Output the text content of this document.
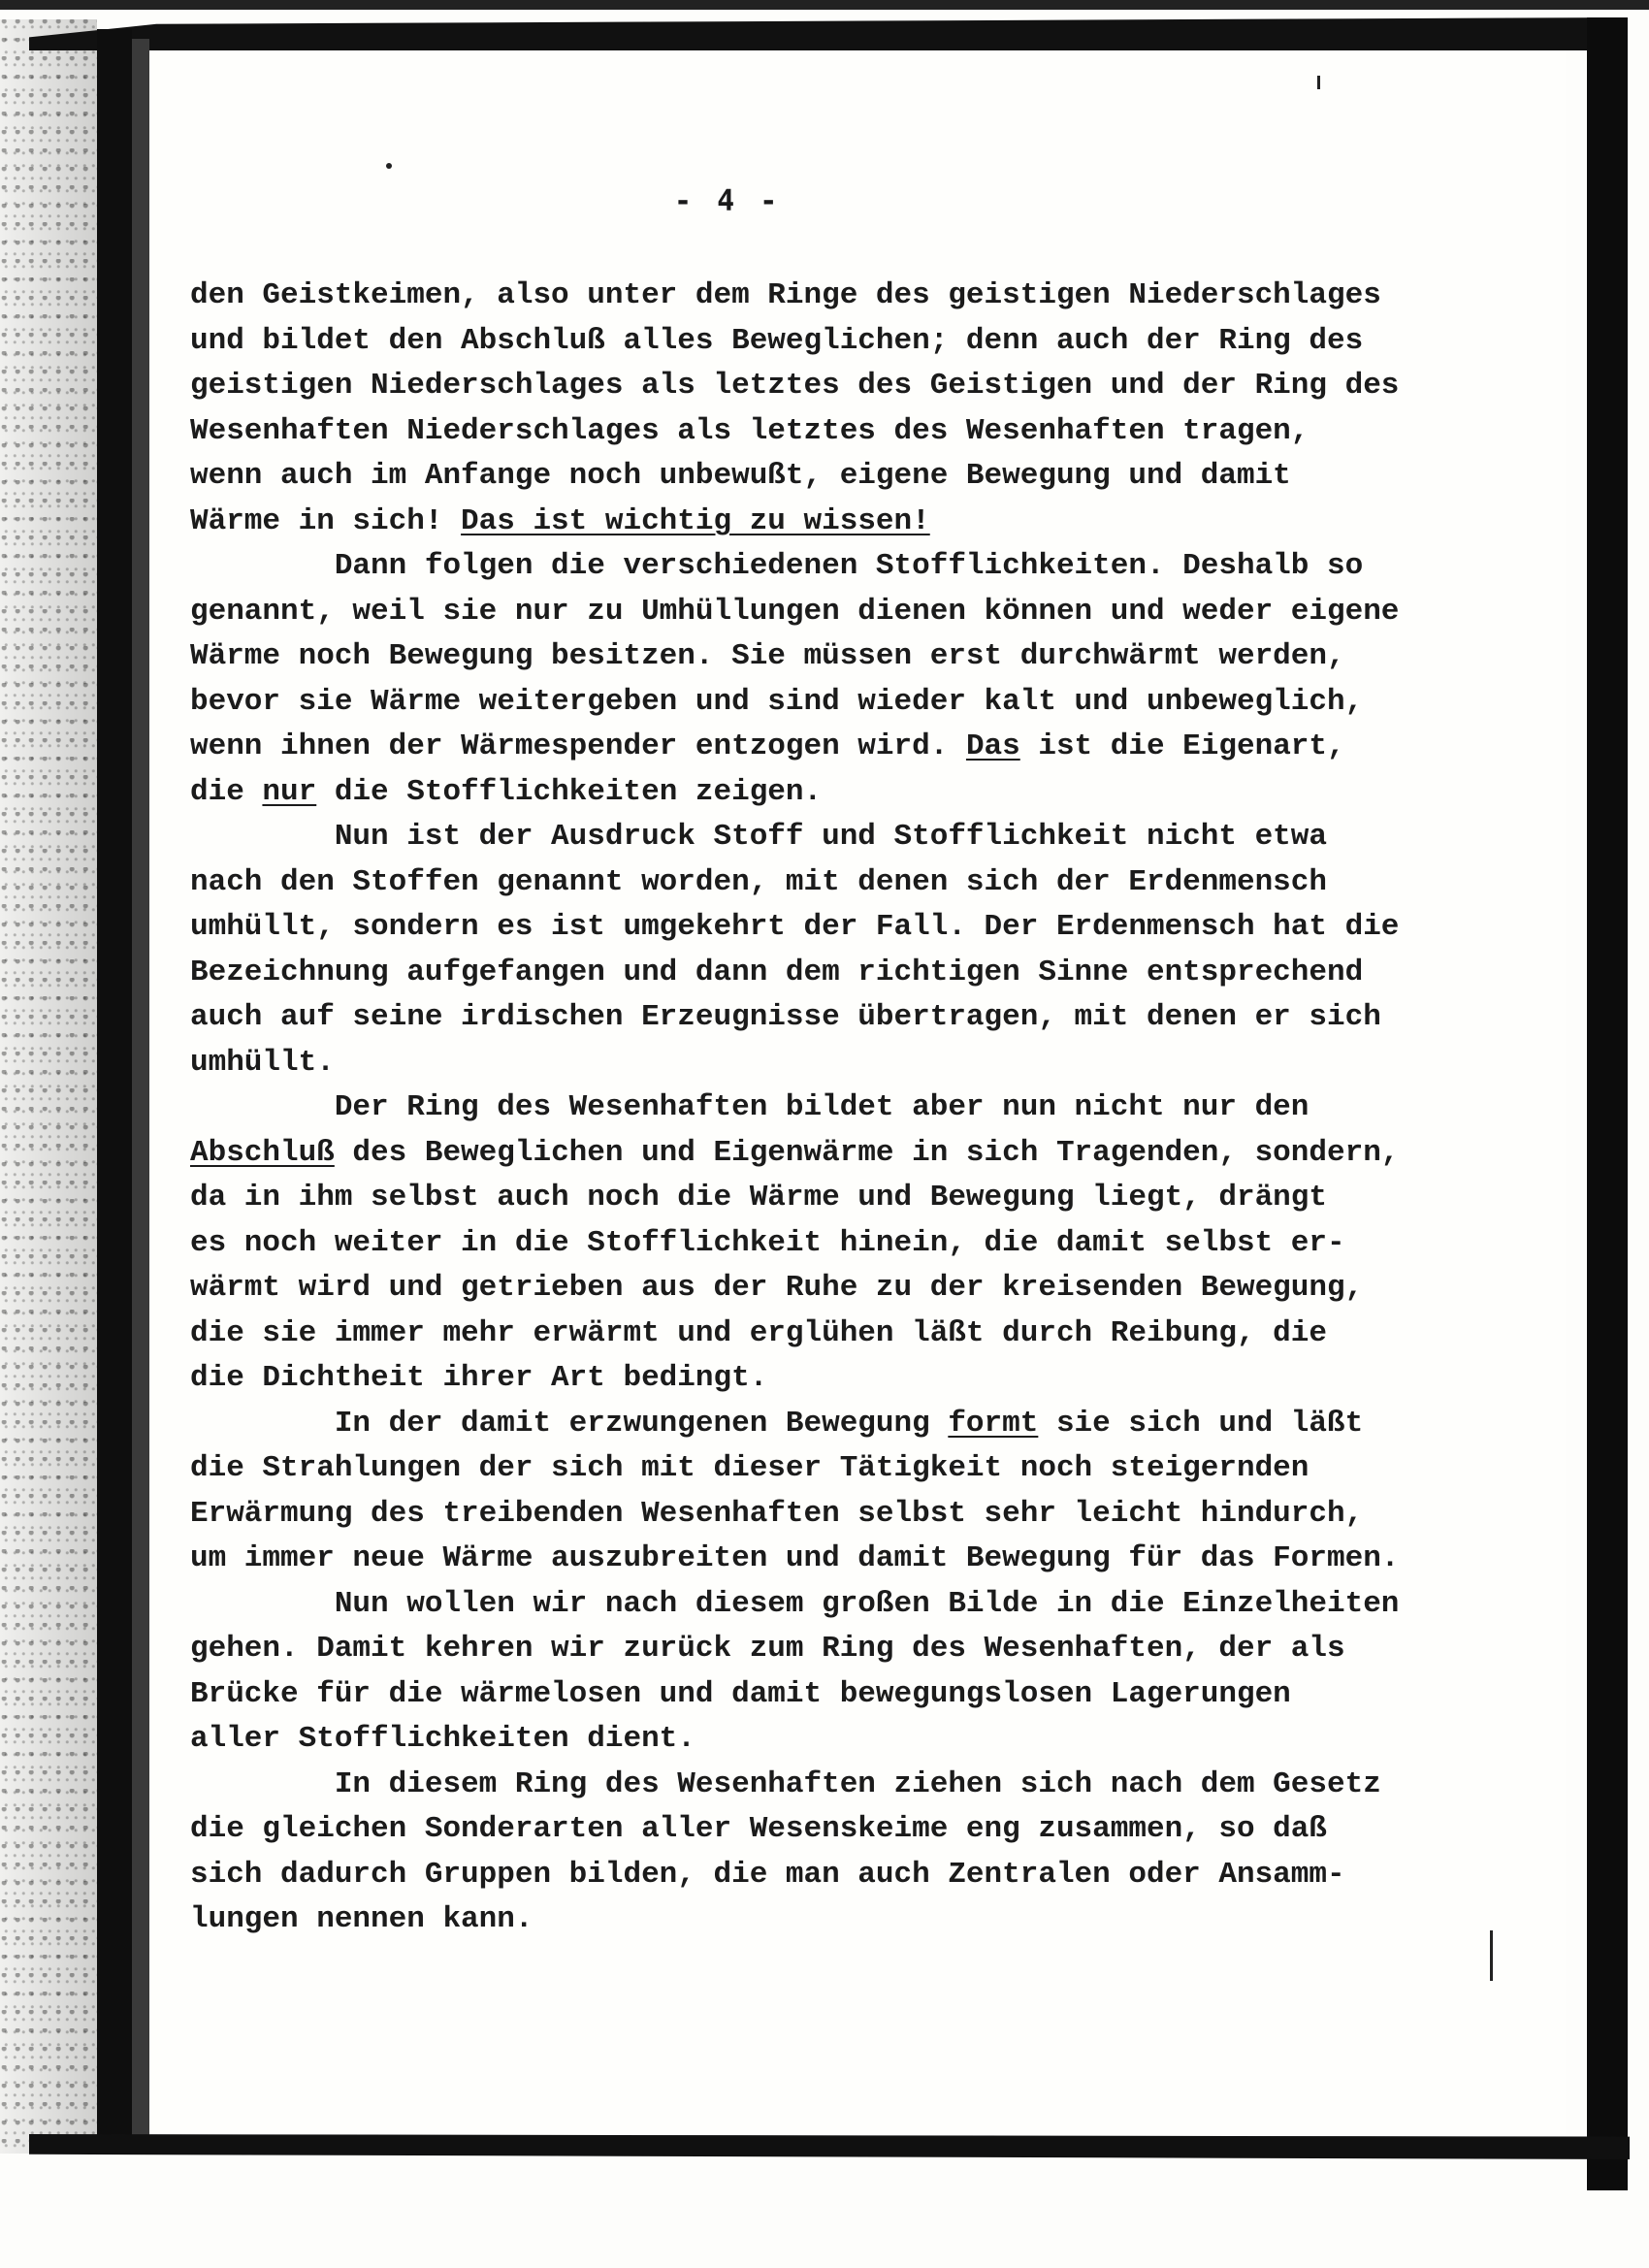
- 4 -
den Geistkeimen, also unter dem Ringe des geistigen Niederschlages
und bildet den Abschluß alles Beweglichen; denn auch der Ring des
geistigen Niederschlages als letztes des Geistigen und der Ring des
Wesenhaften Niederschlages als letztes des Wesenhaften tragen,
wenn auch im Anfange noch unbewußt, eigene Bewegung und damit
Wärme in sich! Das ist wichtig zu wissen!
Dann folgen die verschiedenen Stofflichkeiten. Deshalb so
genannt, weil sie nur zu Umhüllungen dienen können und weder eigene
Wärme noch Bewegung besitzen. Sie müssen erst durchwärmt werden,
bevor sie Wärme weitergeben und sind wieder kalt und unbeweglich,
wenn ihnen der Wärmespender entzogen wird. Das ist die Eigenart,
die nur die Stofflichkeiten zeigen.
Nun ist der Ausdruck Stoff und Stofflichkeit nicht etwa
nach den Stoffen genannt worden, mit denen sich der Erdenmensch
umhüllt, sondern es ist umgekehrt der Fall. Der Erdenmensch hat die
Bezeichnung aufgefangen und dann dem richtigen Sinne entsprechend
auch auf seine irdischen Erzeugnisse übertragen, mit denen er sich
umhüllt.
Der Ring des Wesenhaften bildet aber nun nicht nur den
Abschluß des Beweglichen und Eigenwärme in sich Tragenden, sondern,
da in ihm selbst auch noch die Wärme und Bewegung liegt, drängt
es noch weiter in die Stofflichkeit hinein, die damit selbst er-
wärmt wird und getrieben aus der Ruhe zu der kreisenden Bewegung,
die sie immer mehr erwärmt und erglühen läßt durch Reibung, die
die Dichtheit ihrer Art bedingt.
In der damit erzwungenen Bewegung formt sie sich und läßt
die Strahlungen der sich mit dieser Tätigkeit noch steigernden
Erwärmung des treibenden Wesenhaften selbst sehr leicht hindurch,
um immer neue Wärme auszubreiten und damit Bewegung für das Formen.
Nun wollen wir nach diesem großen Bilde in die Einzelheiten
gehen. Damit kehren wir zurück zum Ring des Wesenhaften, der als
Brücke für die wärmelosen und damit bewegungslosen Lagerungen
aller Stofflichkeiten dient.
In diesem Ring des Wesenhaften ziehen sich nach dem Gesetz
die gleichen Sonderarten aller Wesenskeime eng zusammen, so daß
sich dadurch Gruppen bilden, die man auch Zentralen oder Ansamm-
lungen nennen kann.
